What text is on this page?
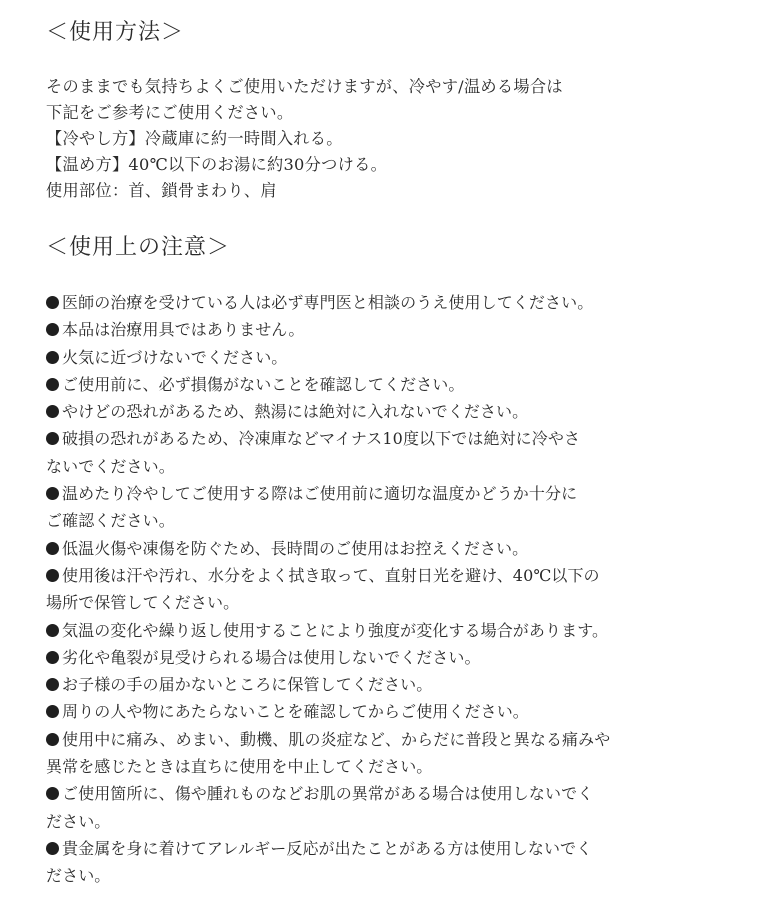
＜使用方法＞
そのままでも気持ちよくご使用いただけますが、冷やす/温める場合は
下記をご参考にご使用ください。
【冷やし方】冷蔵庫に約一時間入れる。
【温め方】40℃以下のお湯に約30分つける。
使用部位：首、鎖骨まわり、肩
＜使用上の注意＞
医師の治療を受けている人は必ず専門医と相談のうえ使用してください。
本品は治療用具ではありません。
火気に近づけないでください。
ご使用前に、必ず損傷がないことを確認してください。
やけどの恐れがあるため、熱湯には絶対に入れないでください。
破損の恐れがあるため、冷凍庫などマイナス10度以下では絶対に冷やさ
ないでください。
温めたり冷やしてご使用する際はご使用前に適切な温度かどうか十分に
ご確認ください。
低温火傷や凍傷を防ぐため、長時間のご使用はお控えください。
使用後は汗や汚れ、水分をよく拭き取って、直射日光を避け、40℃以下の
場所で保管してください。
気温の変化や繰り返し使用することにより強度が変化する場合があります。
劣化や亀裂が見受けられる場合は使用しないでください。
お子様の手の届かないところに保管してください。
周りの人や物にあたらないことを確認してからご使用ください。
使用中に痛み、めまい、動機、肌の炎症など、からだに普段と異なる痛みや
異常を感じたときは直ちに使用を中止してください。
ご使用箇所に、傷や腫れものなどお肌の異常がある場合は使用しないでく
ださい。
貴金属を身に着けてアレルギー反応が出たことがある方は使用しないでく
ださい。
